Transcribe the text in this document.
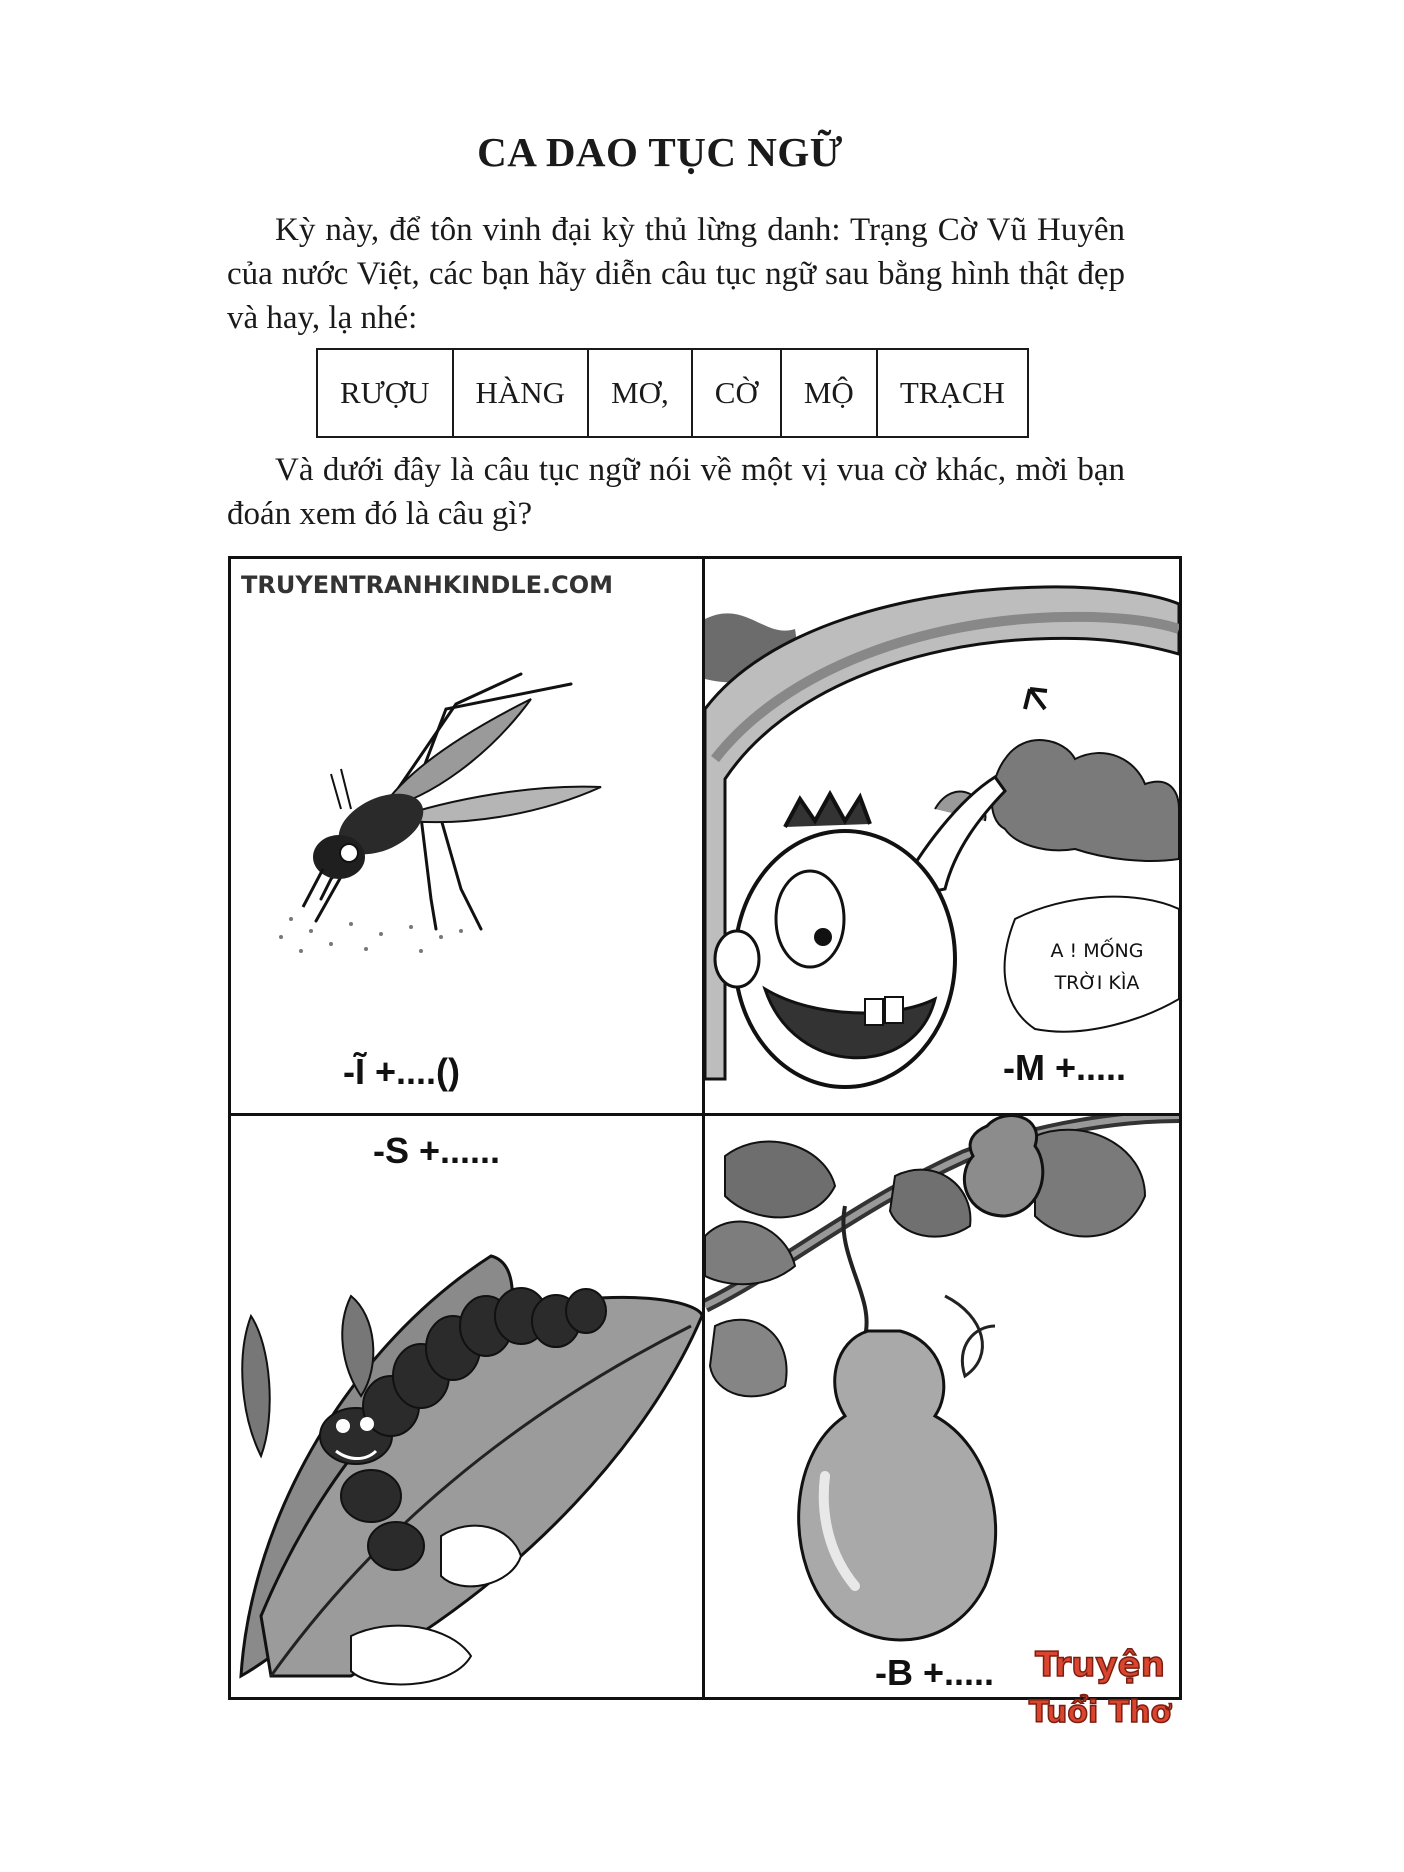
CA DAO TỤC NGỮ
Kỳ này, để tôn vinh đại kỳ thủ lừng danh: Trạng Cờ Vũ Huyên của nước Việt, các bạn hãy diễn câu tục ngữ sau bằng hình thật đẹp và hay, lạ nhé:
RƯỢU	HÀNG	MƠ,	CỜ	MỘ	TRẠCH
Và dưới đây là câu tục ngữ nói về một vị vua cờ khác, mời bạn đoán xem đó là câu gì?
TRUYENTRANHKINDLE.COM
-Ĩ +....()
A ! MỐNG
TRỜI KÌA
-M +.....
-S +......
-B +..... Truyện
Tuổi Thơ
